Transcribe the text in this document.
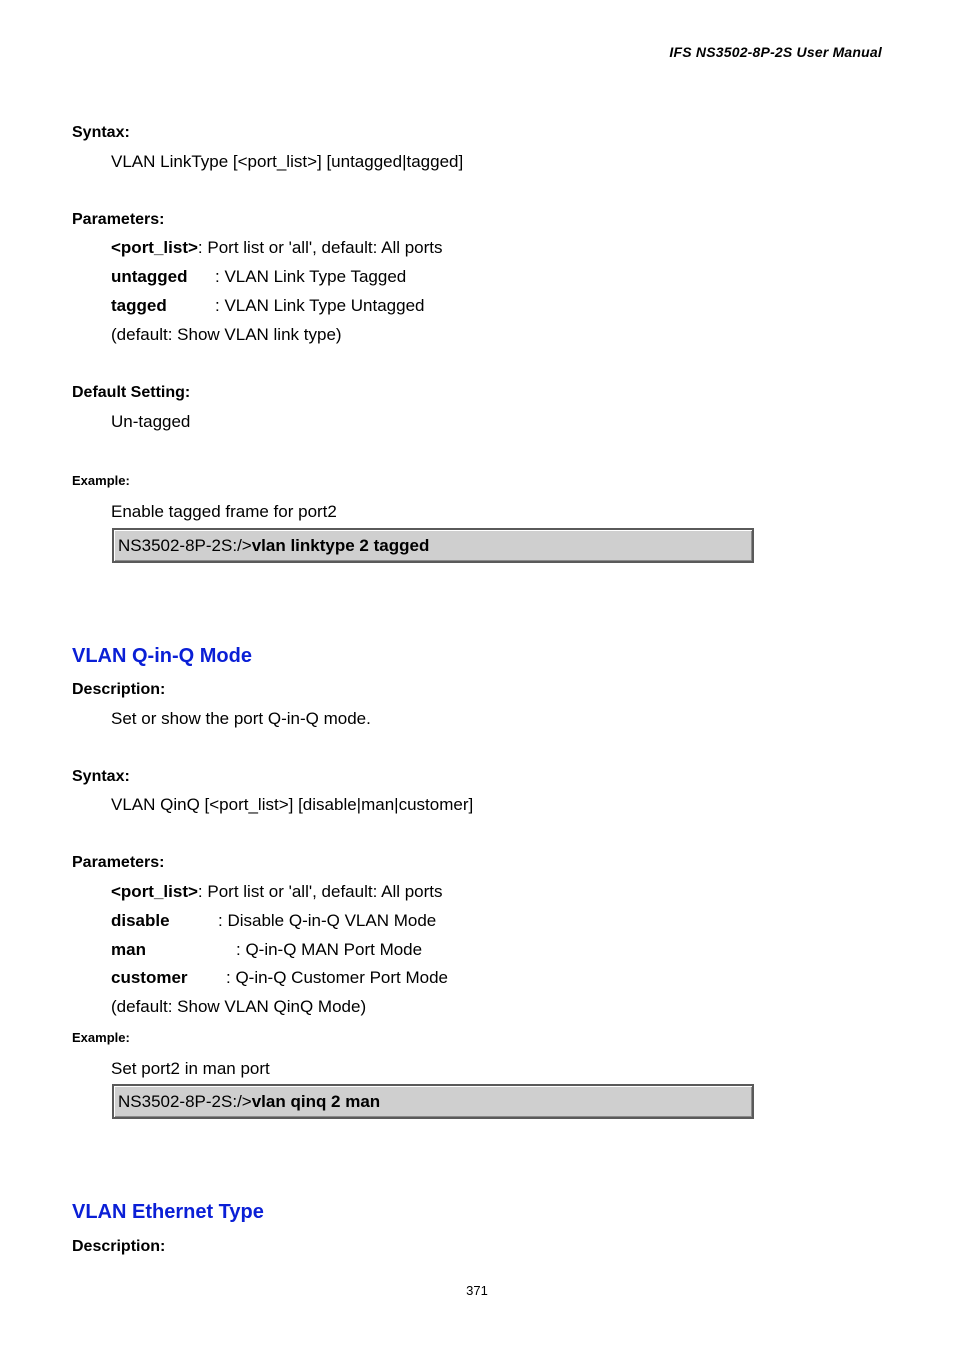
IFS NS3502-8P-2S User Manual
Syntax:
VLAN LinkType [<port_list>] [untagged|tagged]
Parameters:
<port_list>: Port list or 'all', default: All ports
untagged : VLAN Link Type Tagged
tagged	: VLAN Link Type Untagged
(default: Show VLAN link type)
Default Setting:
Un-tagged
Example:
Enable tagged frame for port2
NS3502-8P-2S:/>vlan linktype 2 tagged
VLAN Q-in-Q Mode
Description:
Set or show the port Q-in-Q mode.
Syntax:
VLAN QinQ [<port_list>] [disable|man|customer]
Parameters:
<port_list>: Port list or 'all', default: All ports
disable	: Disable Q-in-Q VLAN Mode
man	: Q-in-Q MAN Port Mode
customer : Q-in-Q Customer Port Mode
(default: Show VLAN QinQ Mode)
Example:
Set port2 in man port
NS3502-8P-2S:/>vlan qinq 2 man
VLAN Ethernet Type
Description:
371
